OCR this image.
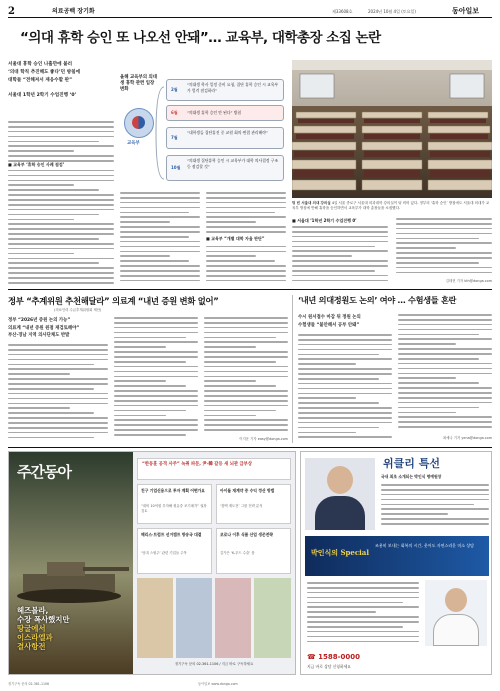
2	의료공백 장기화	제33608호	2024년 10월 4일 (토요일)	동아일보
“의대 휴학 승인 또 나오선 안돼”… 교육부, 대학총장 소집 논란
서울대 휴학 승인 나흘만에 불러
‘의대 학칙 추진해도 좋다’던 방침에
대학들 “전해져서 재응수할 판”
서울대 1학년 2학기 수업진행 ‘0’
■ 교육부 ‘휴학 승인 사례 점검’
올해 교육부의 의대생 휴학 관련 입장 변화
교육부
2월
“의대생 학사 일정 준비 요청, 집단 휴학 승인 시 교육부가 엄격 점검하라”
6월 “의대생 휴학 승인 안 된다” 방침
7월
“대학생들 집단휴진 중 교원 회의·면접 관리해야”
10월
“의대생 집단휴학 승인 시 교육부가 대학 의사결정 구조 등 점검할 것”
■ 교육부 “개별 대학 자율 판단”
텅 빈 서울대 의대 강의실 4일 서울 종로구 서울대 의과대학 강의실이 텅 비어 있다. 정부의 ‘휴학 승인’ 방침에도 서울대 의대가 교육부 방침에 반해 휴학을 승인하면서 교육부가 대학 총장들을 소집했다.
■ 서울대 ‘1학년 2학기 수업진행 0’
김태현 기자 kth@donga.com
정부 “추계위원 추천해달라” 의료계 “내년 증원 변화 없어”
(의료인력 수급추계위원회 제안)
정부 “2026년 증원 논의 가능”
의료계 “내년 증원 원점 재검토해야”
부산·경남 지역 의사단체도 반발
이지운 기자 easy@donga.com
‘내년 의대정원도 논의’ 여야 … 수험생들 혼란
수시 원서접수 마감 뒤 정원 논의
수험생들 “불안해서 공부 안돼”
최예나 기자 yena@donga.com
주간동아
헤즈볼라,
수장 폭사했지만
땅굴에서
이스라엘과
결사항전
“한동훈 공격 사주” 녹취 파문, 尹-韓 갈등 새 뇌관 급부상
친구 기업신용으로 투자 계획 어떤가요
“대비 10억원 투자해 원유중 조기매각” 권장 검토
아이돌 재계약 중 수익 정산 방법
‘컴백 재도전’ 그룹 전략 분석
해리스·트럼프 선거캠프 방송국 대결
‘엇대 스윙주’ 관련 기업들 주목
코로나 이후 식품 산업 생존전략
김가은 ‘K-푸드 수출’ 붐
정기구독 문의 02-361-1106 / 지금 바로 구독하세요
위클리 특선
국내 최초 소개되는 박인식 명예원장
박인식의 Special
조용히 보내는 회복의 시간, 웃어도 자연스러운 미소 상담
☎ 1588-0000
지금 바로 상담 신청하세요
정기구독 문의 02-361-1106	동아일보 www.donga.com
